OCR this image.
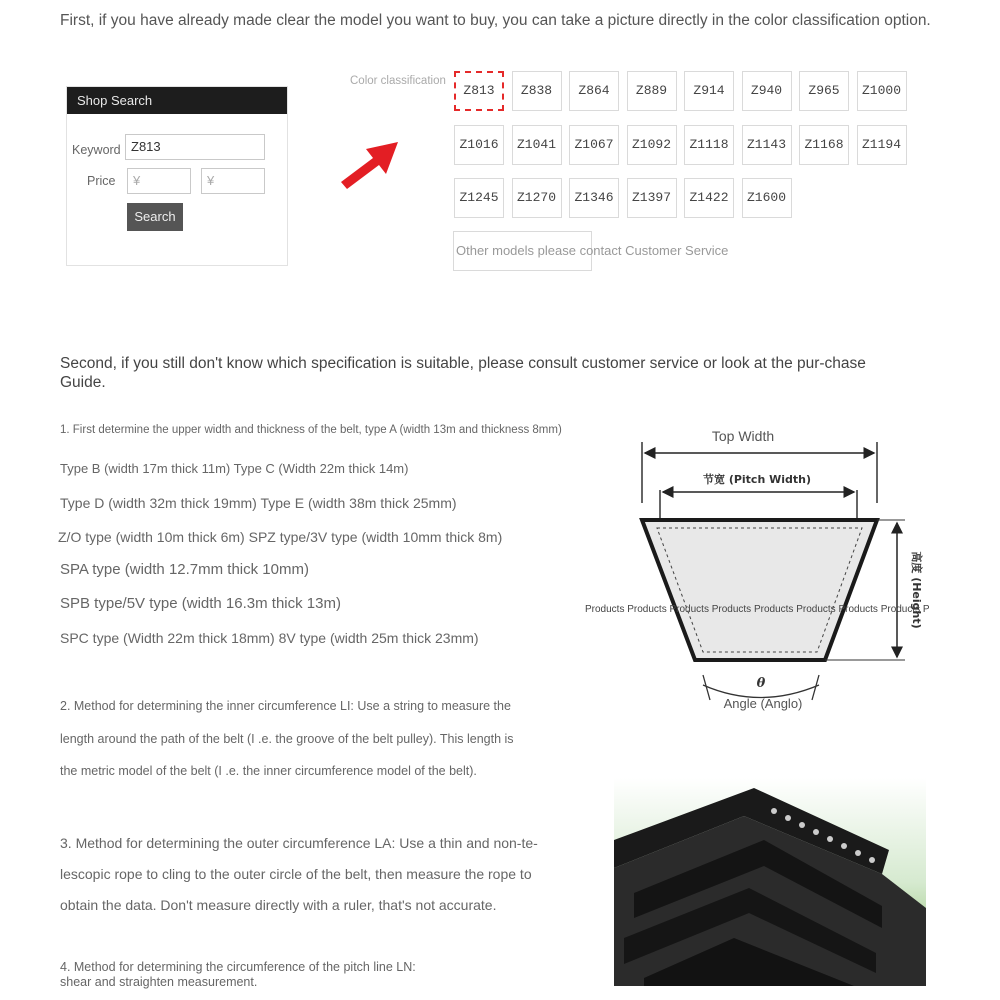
First, if you have already made clear the model you want to buy, you can take a picture directly in the color classification option.
Shop Search
Keyword Z813
Price	¥	¥
Search
Color classification
Z813	Z838	Z864	Z889	Z914	Z940	Z965	Z1000
Z1016	Z1041	Z1067	Z1092	Z1118	Z1143	Z1168	Z1194
Z1245	Z1270	Z1346	Z1397	Z1422	Z1600
Other models please contact Customer Service
Second, if you still don't know which specification is suitable, please consult customer service or look at the pur-chase Guide.
1. First determine the upper width and thickness of the belt, type A (width 13m and thickness 8mm)
Type B (width 17m thick 11m) Type C (Width 22m thick 14m)
Type D (width 32m thick 19mm) Type E (width 38m thick 25mm)
Z/O type (width 10m thick 6m) SPZ type/3V type (width 10mm thick 8m)
SPA type (width 12.7mm thick 10mm)
SPB type/5V type (width 16.3m thick 13m)
SPC type (Width 22m thick 18mm) 8V type (width 25m thick 23mm)
2. Method for determining the inner circumference LI: Use a string to measure the
length around the path of the belt (I .e. the groove of the belt pulley). This length is
the metric model of the belt (I .e. the inner circumference model of the belt).
3. Method for determining the outer circumference LA: Use a thin and non-te-
lescopic rope to cling to the outer circle of the belt, then measure the rope to
obtain the data. Don't measure directly with a ruler, that's not accurate.
4. Method for determining the circumference of the pitch line LN:
shear and straighten measurement.
Top Width
节宽 (Pitch Width)
高度 (Height)
θ
Angle (Anglo)
Products Products Products Products Products Products Products Products P
